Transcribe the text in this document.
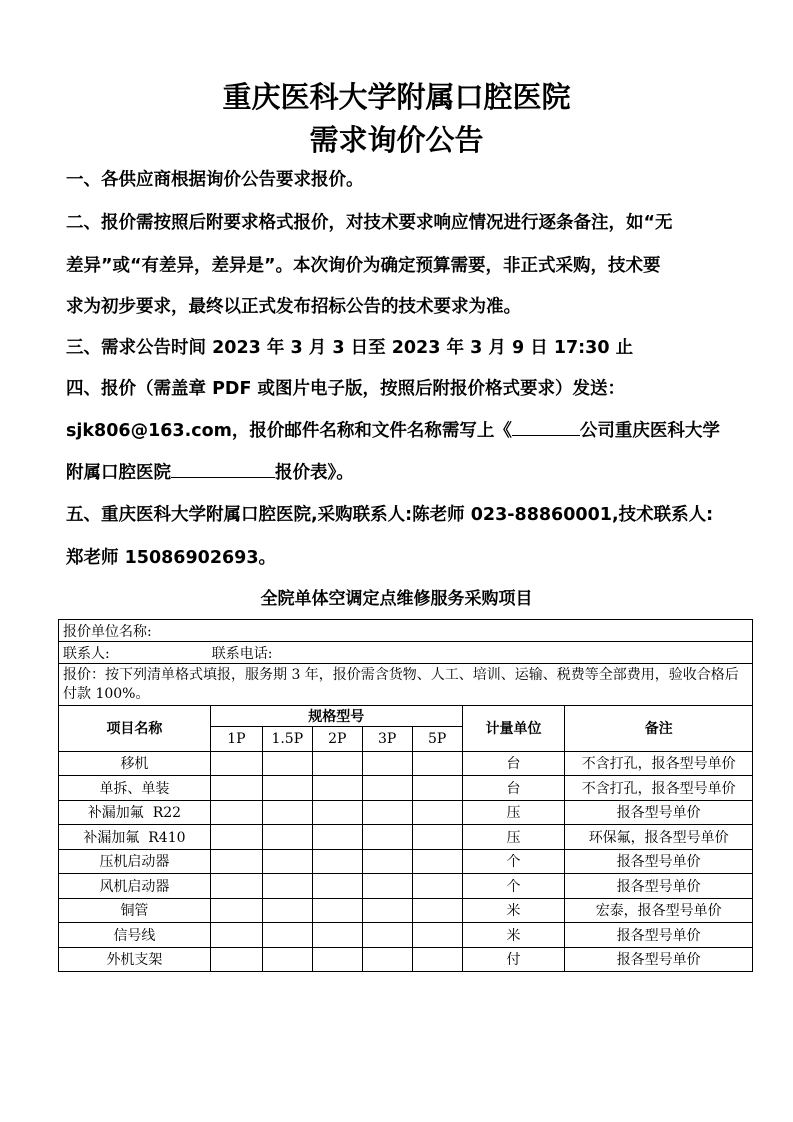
重庆医科大学附属口腔医院
需求询价公告
一、各供应商根据询价公告要求报价。
二、报价需按照后附要求格式报价，对技术要求响应情况进行逐条备注，如“无
差异”或“有差异，差异是”。本次询价为确定预算需要，非正式采购，技术要
求为初步要求，最终以正式发布招标公告的技术要求为准。
三、需求公告时间 2023 年 3 月 3 日至 2023 年 3 月 9 日 17:30 止
四、报价（需盖章 PDF 或图片电子版，按照后附报价格式要求）发送：
sjk806@163.com，报价邮件名称和文件名称需写上《	公司重庆医科大学
附属口腔医院	报价表》。
五、重庆医科大学附属口腔医院,采购联系人:陈老师 023-88860001,技术联系人:
郑老师 15086902693。
全院单体空调定点维修服务采购项目
报价单位名称:							
联系人: 联系电话:							
报价：按下列清单格式填报，服务期 3 年，报价需含货物、人工、培训、运输、税费等全部费用，验收合格后付款 100%。							
项目名称	规格型号					计量单位	备注
	1P	1.5P	2P	3P	5P		
移机						台	不含打孔，报各型号单价
单拆、单装						台	不含打孔，报各型号单价
补漏加氟  R22						压	报各型号单价
补漏加氟  R410						压	环保氟，报各型号单价
压机启动器						个	报各型号单价
风机启动器						个	报各型号单价
铜管						米	宏泰，报各型号单价
信号线						米	报各型号单价
外机支架						付	报各型号单价
